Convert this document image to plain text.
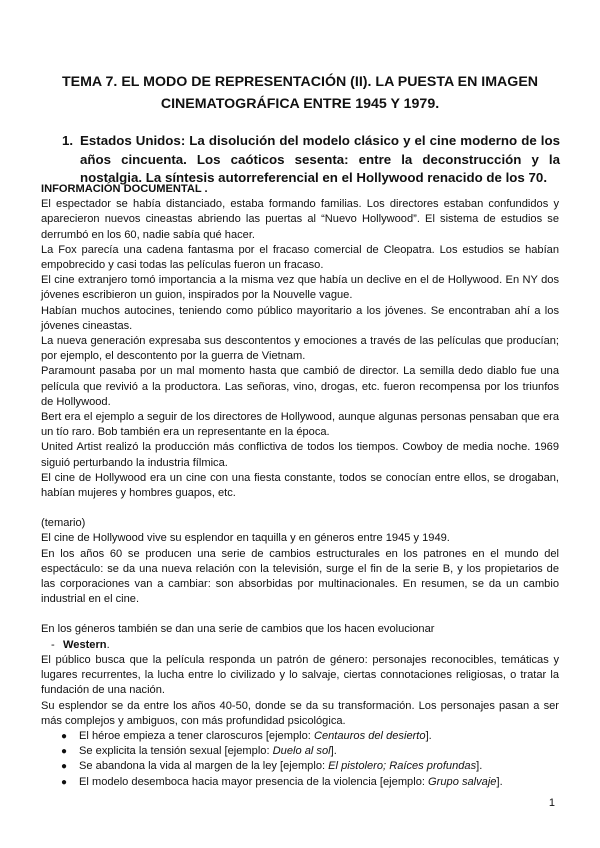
TEMA 7. EL MODO DE REPRESENTACIÓN (II). LA PUESTA EN IMAGEN CINEMATOGRÁFICA ENTRE 1945 Y 1979.
1. Estados Unidos: La disolución del modelo clásico y el cine moderno de los años cincuenta. Los caóticos sesenta: entre la deconstrucción y la nostalgia. La síntesis autorreferencial en el Hollywood renacido de los 70.

INFORMACIÓN DOCUMENTAL .

El espectador se había distanciado, estaba formando familias. Los directores estaban confundidos y aparecieron nuevos cineastas abriendo las puertas al “Nuevo Hollywood”. El sistema de estudios se derrumbó en los 60, nadie sabía qué hacer.

La Fox parecía una cadena fantasma por el fracaso comercial de Cleopatra. Los estudios se habían empobrecido y casi todas las películas fueron un fracaso.

El cine extranjero tomó importancia a la misma vez que había un declive en el de Hollywood. En NY dos jóvenes escribieron un guion, inspirados por la Nouvelle vague.

Habían muchos autocines, teniendo como público mayoritario a los jóvenes. Se encontraban ahí a los jóvenes cineastas.

La nueva generación expresaba sus descontentos y emociones a través de las películas que producían; por ejemplo, el descontento por la guerra de Vietnam.

Paramount pasaba por un mal momento hasta que cambió de director. La semilla dedo diablo fue una película que revivió a la productora. Las señoras, vino, drogas, etc. fueron recompensa por los triunfos de Hollywood.

Bert era el ejemplo a seguir de los directores de Hollywood, aunque algunas personas pensaban que era un tío raro. Bob también era un representante en la época.

United Artist realizó la producción más conflictiva de todos los tiempos. Cowboy de media noche. 1969 siguió perturbando la industria fílmica.

El cine de Hollywood era un cine con una fiesta constante, todos se conocían entre ellos, se drogaban, habían mujeres y hombres guapos, etc.

(temario)

El cine de Hollywood vive su esplendor en taquilla y en géneros entre 1945 y 1949.

En los años 60 se producen una serie de cambios estructurales en los patrones en el mundo del espectáculo: se da una nueva relación con la televisión, surge el fin de la serie B, y los propietarios de las corporaciones van a cambiar: son absorbidas por multinacionales. En resumen, se da un cambio industrial en el cine.

En los géneros también se dan una serie de cambios que los hacen evolucionar

- Western.

El público busca que la película responda un patrón de género: personajes reconocibles, temáticas y lugares recurrentes, la lucha entre lo civilizado y lo salvaje, ciertas connotaciones religiosas, o tratar la fundación de una nación.

Su esplendor se da entre los años 40-50, donde se da su transformación. Los personajes pasan a ser más complejos y ambiguos, con más profundidad psicológica.

● El héroe empieza a tener claroscuros [ejemplo: Centauros del desierto].
● Se explicita la tensión sexual [ejemplo: Duelo al sol].
● Se abandona la vida al margen de la ley [ejemplo: El pistolero; Raíces profundas].
● El modelo desemboca hacia mayor presencia de la violencia [ejemplo: Grupo salvaje].
1
